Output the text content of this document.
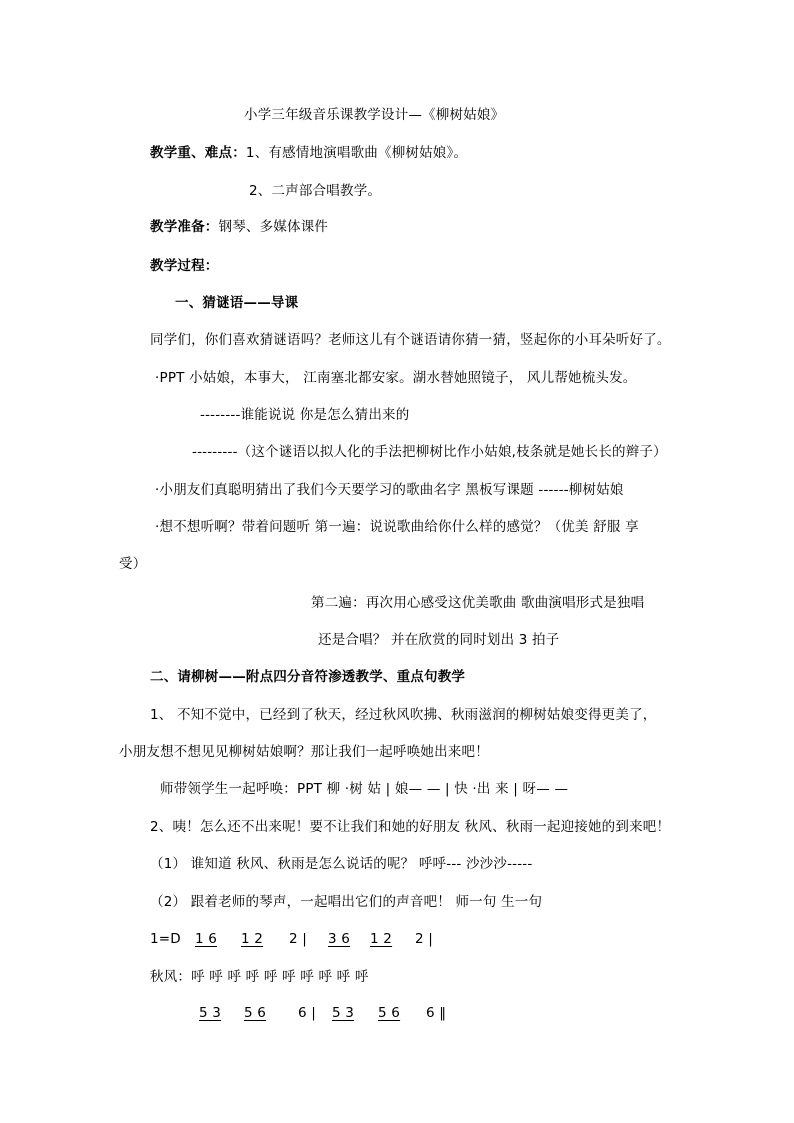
小学三年级音乐课教学设计—《柳树姑娘》
教学重、难点：1、有感情地演唱歌曲《柳树姑娘》。
2、二声部合唱教学。
教学准备：钢琴、多媒体课件
教学过程：
一、猜谜语——导课
同学们，你们喜欢猜谜语吗？老师这儿有个谜语请你猜一猜，竖起你的小耳朵听好了。
·PPT 小姑娘，本事大， 江南塞北都安家。湖水替她照镜子， 风儿帮她梳头发。
--------谁能说说 你是怎么猜出来的
---------（这个谜语以拟人化的手法把柳树比作小姑娘,枝条就是她长长的辫子）
·小朋友们真聪明猜出了我们今天要学习的歌曲名字 黑板写课题 ------柳树姑娘
·想不想听啊？带着问题听 第一遍：说说歌曲给你什么样的感觉？（优美 舒服 享
受）
第二遍：再次用心感受这优美歌曲 歌曲演唱形式是独唱
还是合唱？ 并在欣赏的同时划出 3 拍子
二、请柳树——附点四分音符渗透教学、重点句教学
1、 不知不觉中，已经到了秋天，经过秋风吹拂、秋雨滋润的柳树姑娘变得更美了，
小朋友想不想见见柳树姑娘啊？那让我们一起呼唤她出来吧！
师带领学生一起呼唤：PPT 柳 ·树 姑 | 娘— — | 快 ·出 来 | 呀— —
2、咦！怎么还不出来呢！要不让我们和她的好朋友 秋风、秋雨一起迎接她的到来吧！
（1） 谁知道 秋风、秋雨是怎么说话的呢？ 呼呼--- 沙沙沙-----
（2） 跟着老师的琴声，一起唱出它们的声音吧！ 师一句 生一句
1=D 1 6 1 2 2 | 3 6 1 2 2 |
秋风：呼 呼 呼 呼 呼 呼 呼 呼 呼 呼
5 3 5 6 6 | 5 3 5 6 6 ‖
